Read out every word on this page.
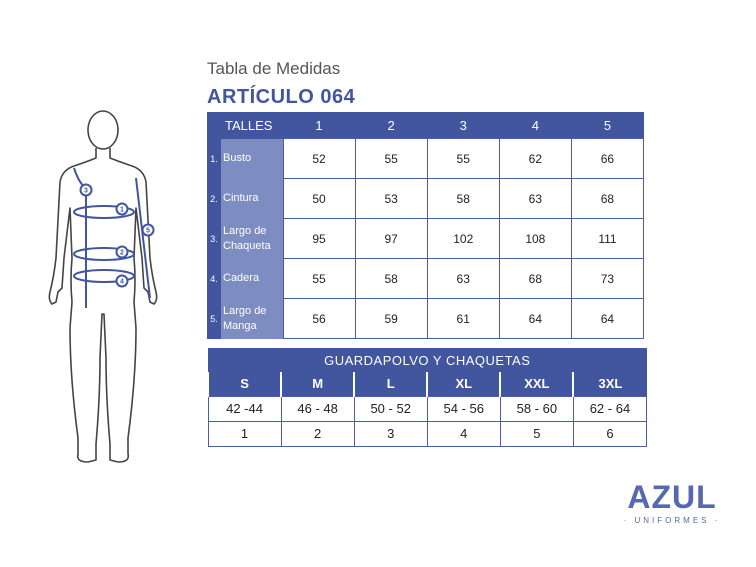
Tabla de Medidas
ARTÍCULO 064
1
2
3
4
5
	TALLES	1	2	3	4	5
1.	Busto	52	55	55	62	66
2.	Cintura	50	53	58	63	68
3.	Largo de Chaqueta	95	97	102	108	111
4.	Cadera	55	58	63	68	73
5.	Largo de Manga	56	59	61	64	64
GUARDAPOLVO Y CHAQUETAS					
S	M	L	XL	XXL	3XL
42 -44	46 - 48	50 - 52	54 - 56	58 - 60	62 - 64
1	2	3	4	5	6
AZUL
· UNIFORMES ·
